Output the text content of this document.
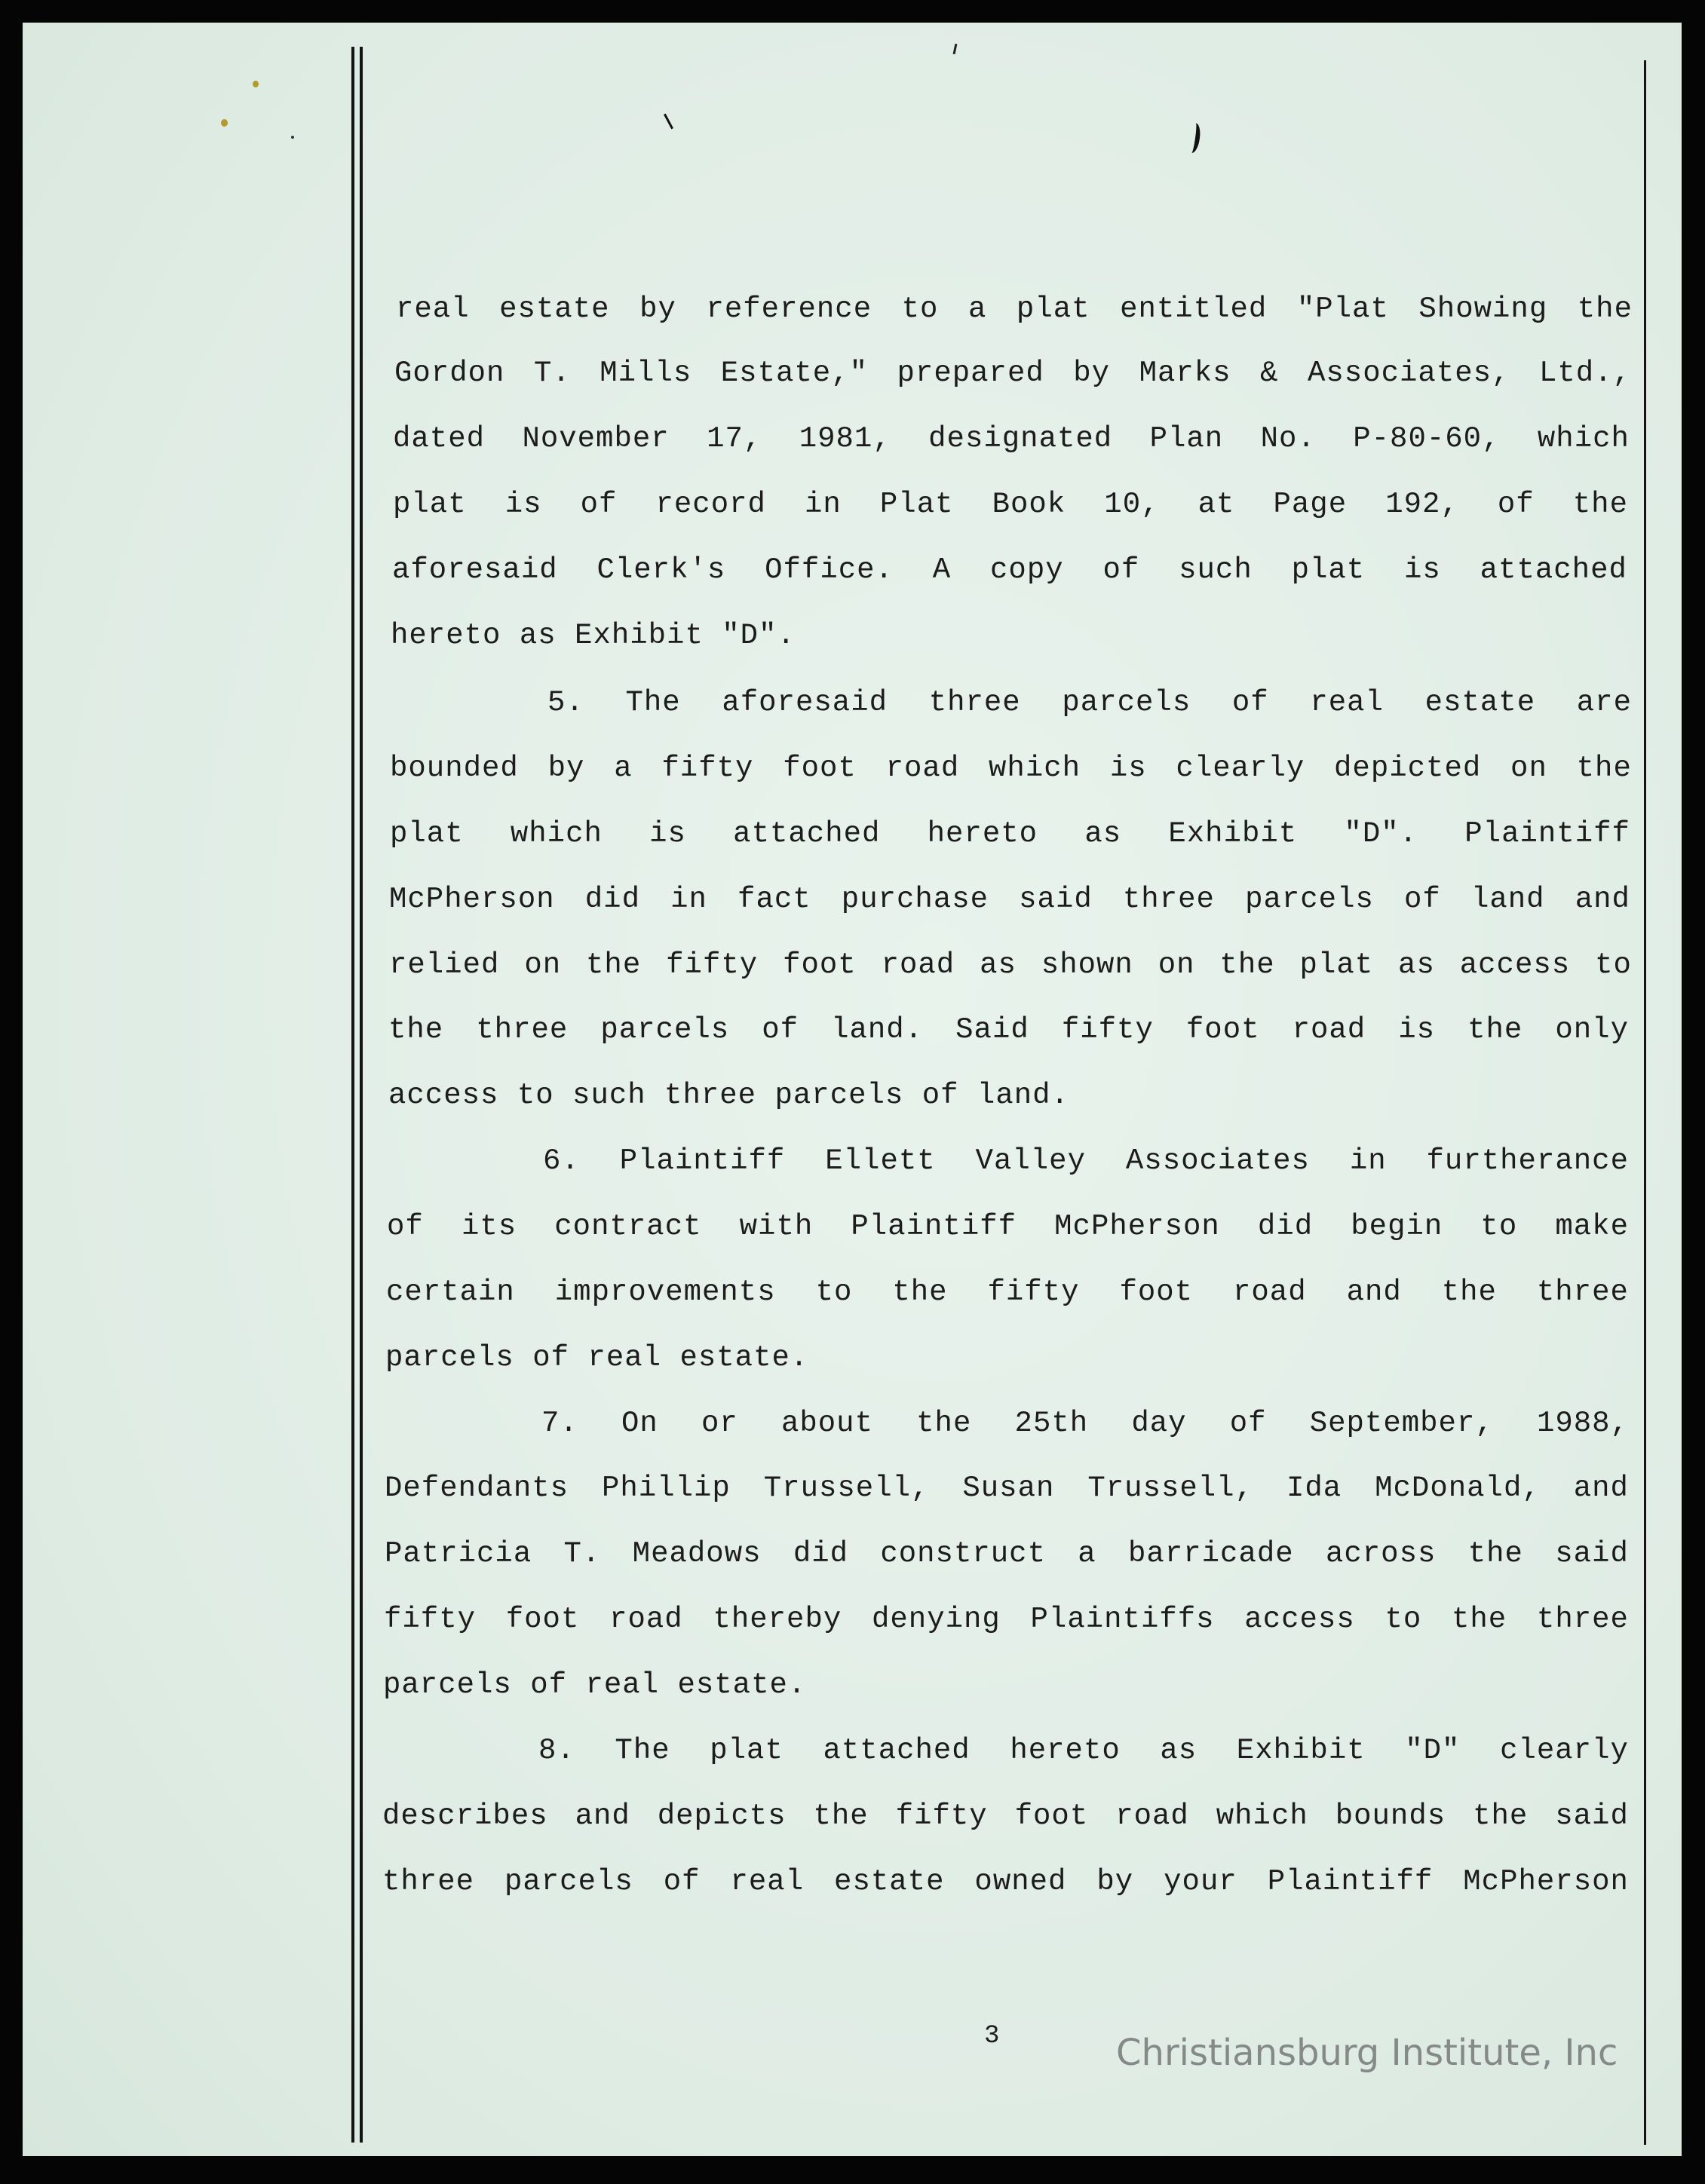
real estate by reference to a plat entitled "Plat Showing the
Gordon T. Mills Estate," prepared by Marks & Associates, Ltd.,
dated November 17, 1981, designated Plan No. P-80-60, which
plat is of record in Plat Book 10, at Page 192, of the
aforesaid Clerk's Office. A copy of such plat is attached
hereto as Exhibit "D".
5. The aforesaid three parcels of real estate are
bounded by a fifty foot road which is clearly depicted on the
plat which is attached hereto as Exhibit "D". Plaintiff
McPherson did in fact purchase said three parcels of land and
relied on the fifty foot road as shown on the plat as access to
the three parcels of land. Said fifty foot road is the only
access to such three parcels of land.
6. Plaintiff Ellett Valley Associates in furtherance
of its contract with Plaintiff McPherson did begin to make
certain improvements to the fifty foot road and the three
parcels of real estate.
7. On or about the 25th day of September, 1988,
Defendants Phillip Trussell, Susan Trussell, Ida McDonald, and
Patricia T. Meadows did construct a barricade across the said
fifty foot road thereby denying Plaintiffs access to the three
parcels of real estate.
8. The plat attached hereto as Exhibit "D" clearly
describes and depicts the fifty foot road which bounds the said
three parcels of real estate owned by your Plaintiff McPherson
3	Christiansburg Institute, Inc
